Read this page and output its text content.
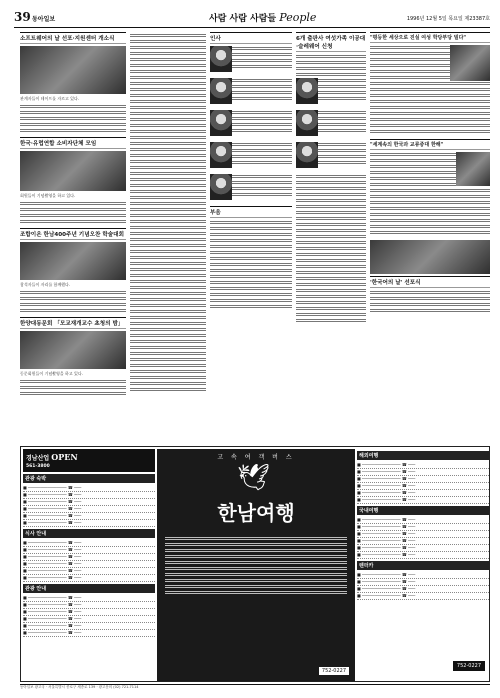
39 동아일보	사람 사람 사람들 People	1996년 12월 5일 목요일 제23387호
소프트웨어의 날 선포·지원센터 개소식
관계자들이 테이프를 자르고 있다.
한국·유럽연합 소비자단체 모임
회원들이 기념촬영을 하고 있다.
조합이온 한남400주년 기념오찬 학술대회
참석자들이 자리를 함께했다.
한양대동문회 「모교재개교수 초청의 밤」
동문회원들이 기념촬영을 하고 있다.
인사
부음
6개 출판사 여섯가족 이공대·슬레웨어 신청
"평등한 세상으로 진실 여성 학당부당 빌다"
"세계속의 한국과 교류증대 한해"
'한국어의 날' 선포식
경남산업 OPEN
561-3800
관광 숙박
■ ──────────────── ☎ ───
■ ──────────────── ☎ ───
■ ──────────────── ☎ ───
■ ──────────────── ☎ ───
■ ──────────────── ☎ ───
■ ──────────────── ☎ ───
식사 안내
■ ──────────────── ☎ ───
■ ──────────────── ☎ ───
■ ──────────────── ☎ ───
■ ──────────────── ☎ ───
■ ──────────────── ☎ ───
■ ──────────────── ☎ ───
관광 안내
■ ──────────────── ☎ ───
■ ──────────────── ☎ ───
■ ──────────────── ☎ ───
■ ──────────────── ☎ ───
■ ──────────────── ☎ ───
■ ──────────────── ☎ ───
고 속 여 객 버 스
🕊
한남여행
752-0227
해외여행
■ ──────────────── ☎ ───
■ ──────────────── ☎ ───
■ ──────────────── ☎ ───
■ ──────────────── ☎ ───
■ ──────────────── ☎ ───
■ ──────────────── ☎ ───
국내여행
■ ──────────────── ☎ ───
■ ──────────────── ☎ ───
■ ──────────────── ☎ ───
■ ──────────────── ☎ ───
■ ──────────────── ☎ ───
■ ──────────────── ☎ ───
렌터카
■ ──────────────── ☎ ───
■ ──────────────── ☎ ───
■ ──────────────── ☎ ───
■ ──────────────── ☎ ───
752-0227
동아일보 광고국 · 서울특별시 종로구 세종로 139 · 광고문의 (02) 721-7114
